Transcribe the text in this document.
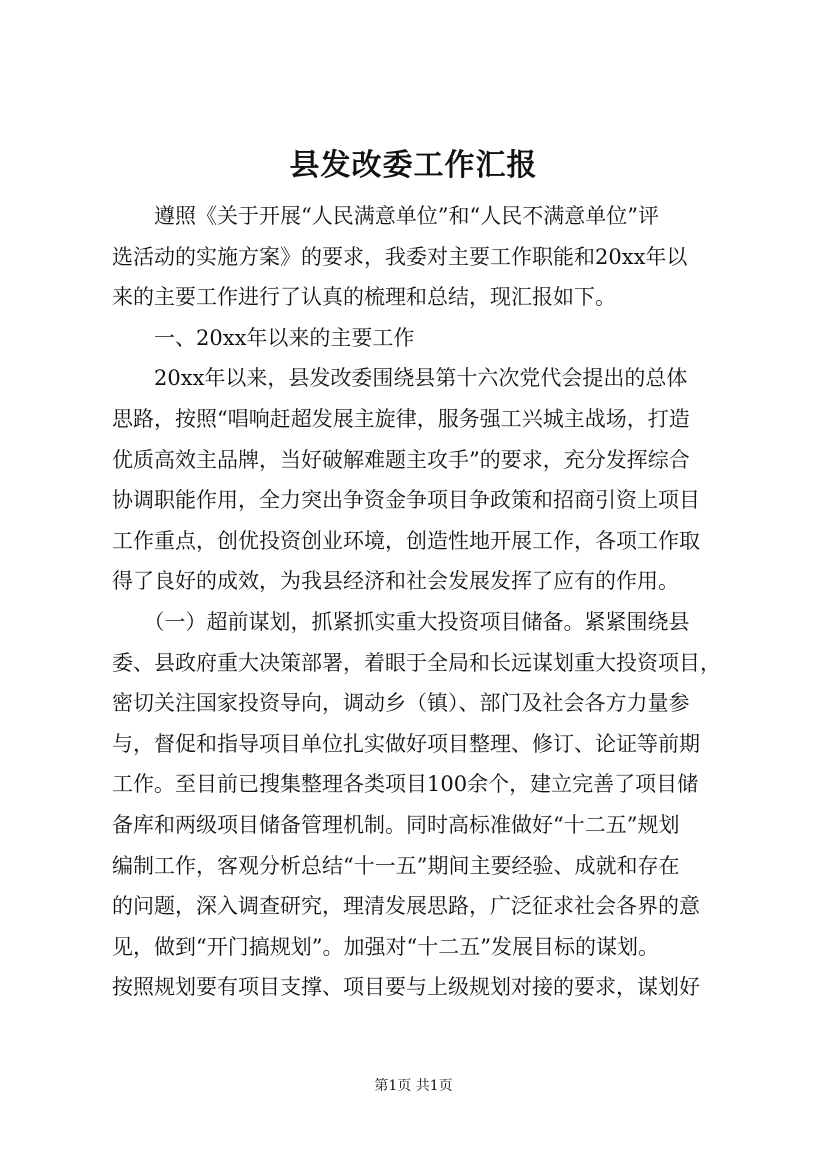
县发改委工作汇报
　　遵照《关于开展“人民满意单位”和“人民不满意单位”评
选活动的实施方案》的要求，我委对主要工作职能和20xx年以
来的主要工作进行了认真的梳理和总结，现汇报如下。
　　一、20xx年以来的主要工作
　　20xx年以来，县发改委围绕县第十六次党代会提出的总体
思路，按照“唱响赶超发展主旋律，服务强工兴城主战场，打造
优质高效主品牌，当好破解难题主攻手”的要求，充分发挥综合
协调职能作用，全力突出争资金争项目争政策和招商引资上项目
工作重点，创优投资创业环境，创造性地开展工作，各项工作取
得了良好的成效，为我县经济和社会发展发挥了应有的作用。
　　（一）超前谋划，抓紧抓实重大投资项目储备。紧紧围绕县
委、县政府重大决策部署，着眼于全局和长远谋划重大投资项目，
密切关注国家投资导向，调动乡（镇）、部门及社会各方力量参
与，督促和指导项目单位扎实做好项目整理、修订、论证等前期
工作。至目前已搜集整理各类项目100余个，建立完善了项目储
备库和两级项目储备管理机制。同时高标准做好“十二五”规划
编制工作，客观分析总结“十一五”期间主要经验、成就和存在
的问题，深入调查研究，理清发展思路，广泛征求社会各界的意
见，做到“开门搞规划”。加强对“十二五”发展目标的谋划。
按照规划要有项目支撑、项目要与上级规划对接的要求，谋划好
第1页 共1页
